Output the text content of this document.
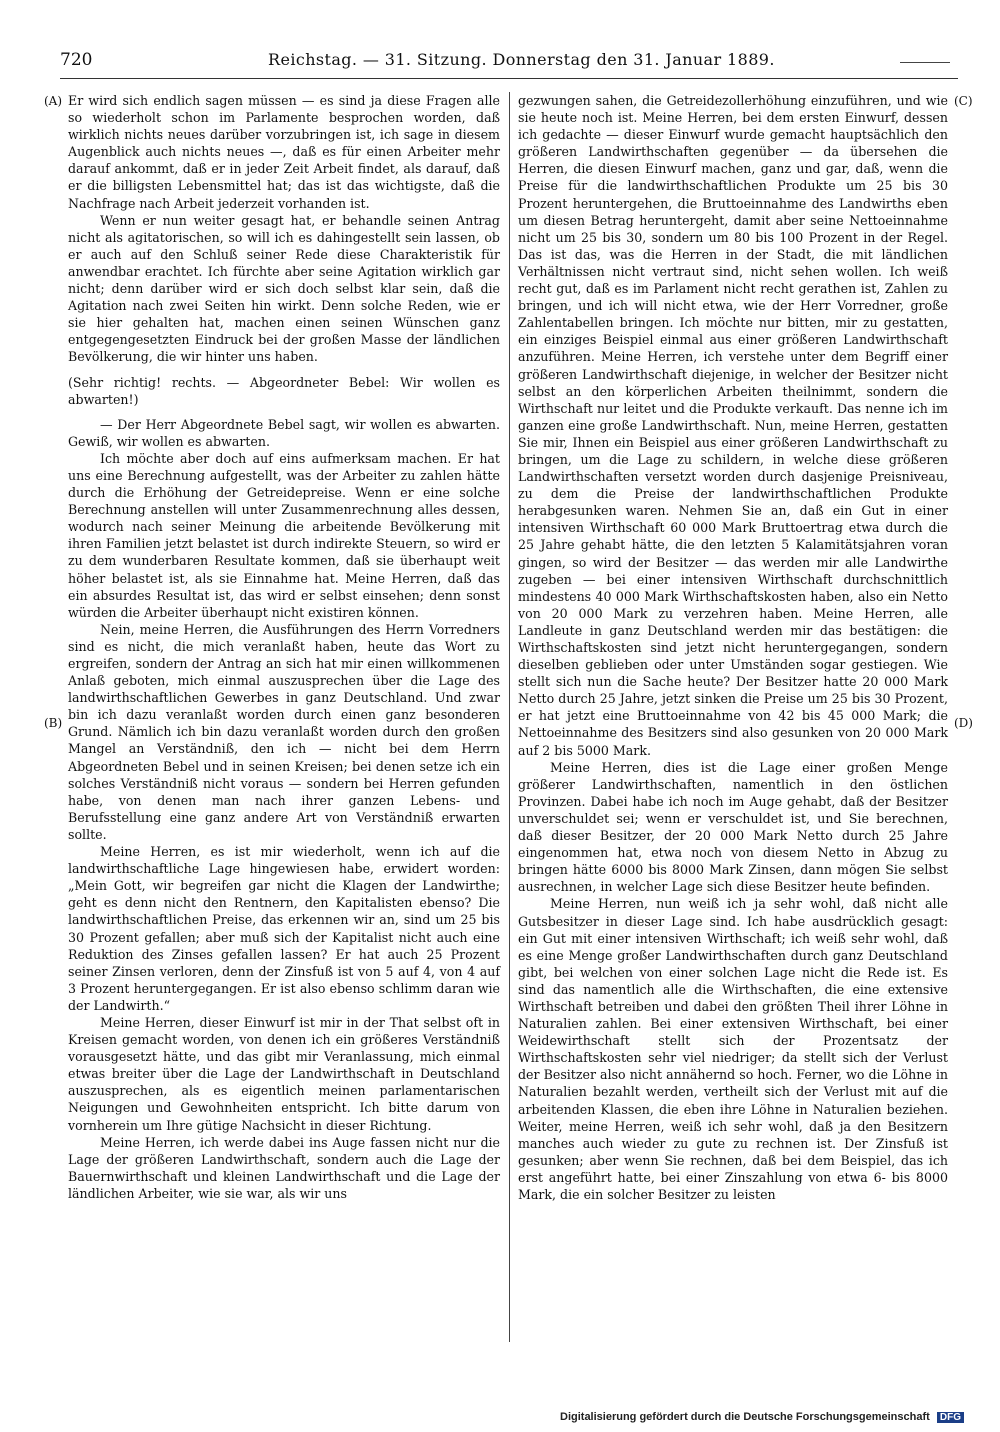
720	Reichstag. — 31. Sitzung. Donnerstag den 31. Januar 1889.
(A)
(B)
(C)
(D)

Er wird sich endlich sagen müssen — es sind ja diese Fragen alle so wiederholt schon im Parlamente besprochen worden, daß wirklich nichts neues darüber vorzubringen ist, ich sage in diesem Augenblick auch nichts neues —, daß es für einen Arbeiter mehr darauf ankommt, daß er in jeder Zeit Arbeit findet, als darauf, daß er die billigsten Lebensmittel hat; das ist das wichtigste, daß die Nachfrage nach Arbeit jederzeit vorhanden ist.

Wenn er nun weiter gesagt hat, er behandle seinen Antrag nicht als agitatorischen, so will ich es dahingestellt sein lassen, ob er auch auf den Schluß seiner Rede diese Charakteristik für anwendbar erachtet. Ich fürchte aber seine Agitation wirklich gar nicht; denn darüber wird er sich doch selbst klar sein, daß die Agitation nach zwei Seiten hin wirkt. Denn solche Reden, wie er sie hier gehalten hat, machen einen seinen Wünschen ganz entgegengesetzten Eindruck bei der großen Masse der ländlichen Bevölkerung, die wir hinter uns haben.

(Sehr richtig! rechts. — Abgeordneter Bebel: Wir wollen es abwarten!)

— Der Herr Abgeordnete Bebel sagt, wir wollen es abwarten. Gewiß, wir wollen es abwarten.

Ich möchte aber doch auf eins aufmerksam machen. Er hat uns eine Berechnung aufgestellt, was der Arbeiter zu zahlen hätte durch die Erhöhung der Getreidepreise. Wenn er eine solche Berechnung anstellen will unter Zusammenrechnung alles dessen, wodurch nach seiner Meinung die arbeitende Bevölkerung mit ihren Familien jetzt belastet ist durch indirekte Steuern, so wird er zu dem wunderbaren Resultate kommen, daß sie überhaupt weit höher belastet ist, als sie Einnahme hat. Meine Herren, daß das ein absurdes Resultat ist, das wird er selbst einsehen; denn sonst würden die Arbeiter überhaupt nicht existiren können.

Nein, meine Herren, die Ausführungen des Herrn Vorredners sind es nicht, die mich veranlaßt haben, heute das Wort zu ergreifen, sondern der Antrag an sich hat mir einen willkommenen Anlaß geboten, mich einmal auszusprechen über die Lage des landwirthschaftlichen Gewerbes in ganz Deutschland. Und zwar bin ich dazu veranlaßt worden durch einen ganz besonderen Grund. Nämlich ich bin dazu veranlaßt worden durch den großen Mangel an Verständniß, den ich — nicht bei dem Herrn Abgeordneten Bebel und in seinen Kreisen; bei denen setze ich ein solches Verständniß nicht voraus — sondern bei Herren gefunden habe, von denen man nach ihrer ganzen Lebens- und Berufsstellung eine ganz andere Art von Verständniß erwarten sollte.

Meine Herren, es ist mir wiederholt, wenn ich auf die landwirthschaftliche Lage hingewiesen habe, erwidert worden: „Mein Gott, wir begreifen gar nicht die Klagen der Landwirthe; geht es denn nicht den Rentnern, den Kapitalisten ebenso? Die landwirthschaftlichen Preise, das erkennen wir an, sind um 25 bis 30 Prozent gefallen; aber muß sich der Kapitalist nicht auch eine Reduktion des Zinses gefallen lassen? Er hat auch 25 Prozent seiner Zinsen verloren, denn der Zinsfuß ist von 5 auf 4, von 4 auf 3 Prozent heruntergegangen. Er ist also ebenso schlimm daran wie der Landwirth.“

Meine Herren, dieser Einwurf ist mir in der That selbst oft in Kreisen gemacht worden, von denen ich ein größeres Verständniß vorausgesetzt hätte, und das gibt mir Veranlassung, mich einmal etwas breiter über die Lage der Landwirthschaft in Deutschland auszusprechen, als es eigentlich meinen parlamentarischen Neigungen und Gewohnheiten entspricht. Ich bitte darum von vornherein um Ihre gütige Nachsicht in dieser Richtung.

Meine Herren, ich werde dabei ins Auge fassen nicht nur die Lage der größeren Landwirthschaft, sondern auch die Lage der Bauernwirthschaft und kleinen Landwirthschaft und die Lage der ländlichen Arbeiter, wie sie war, als wir uns

gezwungen sahen, die Getreidezollerhöhung einzuführen, und wie sie heute noch ist. Meine Herren, bei dem ersten Einwurf, dessen ich gedachte — dieser Einwurf wurde gemacht hauptsächlich den größeren Landwirthschaften gegenüber — da übersehen die Herren, die diesen Einwurf machen, ganz und gar, daß, wenn die Preise für die landwirthschaftlichen Produkte um 25 bis 30 Prozent heruntergehen, die Bruttoeinnahme des Landwirths eben um diesen Betrag heruntergeht, damit aber seine Nettoeinnahme nicht um 25 bis 30, sondern um 80 bis 100 Prozent in der Regel. Das ist das, was die Herren in der Stadt, die mit ländlichen Verhältnissen nicht vertraut sind, nicht sehen wollen. Ich weiß recht gut, daß es im Parlament nicht recht gerathen ist, Zahlen zu bringen, und ich will nicht etwa, wie der Herr Vorredner, große Zahlentabellen bringen. Ich möchte nur bitten, mir zu gestatten, ein einziges Beispiel einmal aus einer größeren Landwirthschaft anzuführen. Meine Herren, ich verstehe unter dem Begriff einer größeren Landwirthschaft diejenige, in welcher der Besitzer nicht selbst an den körperlichen Arbeiten theilnimmt, sondern die Wirthschaft nur leitet und die Produkte verkauft. Das nenne ich im ganzen eine große Landwirthschaft. Nun, meine Herren, gestatten Sie mir, Ihnen ein Beispiel aus einer größeren Landwirthschaft zu bringen, um die Lage zu schildern, in welche diese größeren Landwirthschaften versetzt worden durch dasjenige Preisniveau, zu dem die Preise der landwirthschaftlichen Produkte herabgesunken waren. Nehmen Sie an, daß ein Gut in einer intensiven Wirthschaft 60 000 Mark Bruttoertrag etwa durch die 25 Jahre gehabt hätte, die den letzten 5 Kalamitätsjahren voran gingen, so wird der Besitzer — das werden mir alle Landwirthe zugeben — bei einer intensiven Wirthschaft durchschnittlich mindestens 40 000 Mark Wirthschaftskosten haben, also ein Netto von 20 000 Mark zu verzehren haben. Meine Herren, alle Landleute in ganz Deutschland werden mir das bestätigen: die Wirthschaftskosten sind jetzt nicht heruntergegangen, sondern dieselben geblieben oder unter Umständen sogar gestiegen. Wie stellt sich nun die Sache heute? Der Besitzer hatte 20 000 Mark Netto durch 25 Jahre, jetzt sinken die Preise um 25 bis 30 Prozent, er hat jetzt eine Bruttoeinnahme von 42 bis 45 000 Mark; die Nettoeinnahme des Besitzers sind also gesunken von 20 000 Mark auf 2 bis 5000 Mark.

Meine Herren, dies ist die Lage einer großen Menge größerer Landwirthschaften, namentlich in den östlichen Provinzen. Dabei habe ich noch im Auge gehabt, daß der Besitzer unverschuldet sei; wenn er verschuldet ist, und Sie berechnen, daß dieser Besitzer, der 20 000 Mark Netto durch 25 Jahre eingenommen hat, etwa noch von diesem Netto in Abzug zu bringen hätte 6000 bis 8000 Mark Zinsen, dann mögen Sie selbst ausrechnen, in welcher Lage sich diese Besitzer heute befinden.

Meine Herren, nun weiß ich ja sehr wohl, daß nicht alle Gutsbesitzer in dieser Lage sind. Ich habe ausdrücklich gesagt: ein Gut mit einer intensiven Wirthschaft; ich weiß sehr wohl, daß es eine Menge großer Landwirthschaften durch ganz Deutschland gibt, bei welchen von einer solchen Lage nicht die Rede ist. Es sind das namentlich alle die Wirthschaften, die eine extensive Wirthschaft betreiben und dabei den größten Theil ihrer Löhne in Naturalien zahlen. Bei einer extensiven Wirthschaft, bei einer Weidewirthschaft stellt sich der Prozentsatz der Wirthschaftskosten sehr viel niedriger; da stellt sich der Verlust der Besitzer also nicht annähernd so hoch. Ferner, wo die Löhne in Naturalien bezahlt werden, vertheilt sich der Verlust mit auf die arbeitenden Klassen, die eben ihre Löhne in Naturalien beziehen. Weiter, meine Herren, weiß ich sehr wohl, daß ja den Besitzern manches auch wieder zu gute zu rechnen ist. Der Zinsfuß ist gesunken; aber wenn Sie rechnen, daß bei dem Beispiel, das ich erst angeführt hatte, bei einer Zinszahlung von etwa 6- bis 8000 Mark, die ein solcher Besitzer zu leisten

Digitalisierung gefördert durch die Deutsche Forschungsgemeinschaft DFG
